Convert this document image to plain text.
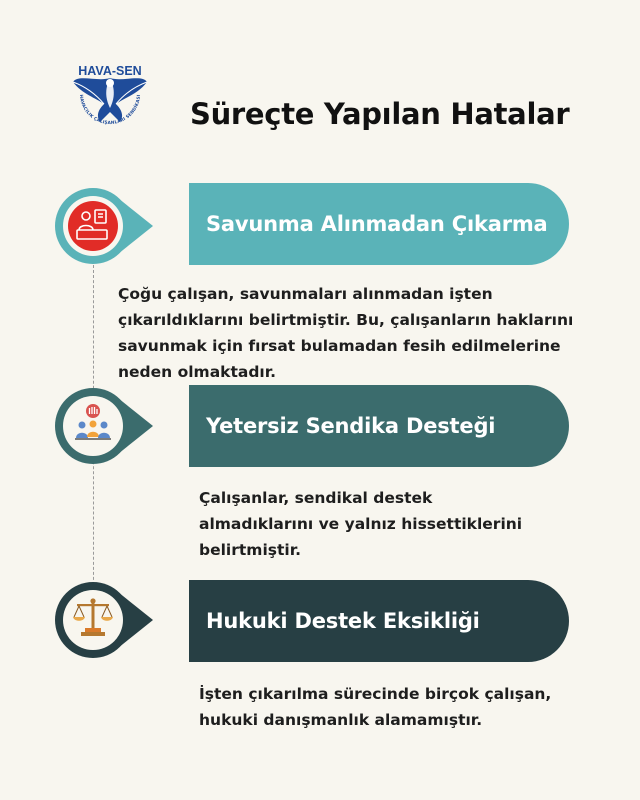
HAVA-SEN
HAVACILIK ÇALIŞANLARI SENDİKASI
Süreçte Yapılan Hatalar
Savunma Alınmadan Çıkarma
Çoğu çalışan, savunmaları alınmadan işten çıkarıldıklarını belirtmiştir. Bu, çalışanların haklarını savunmak için fırsat bulamadan fesih edilmelerine neden olmaktadır.
Yetersiz Sendika Desteği
Çalışanlar, sendikal destek almadıklarını ve yalnız hissettiklerini belirtmiştir.
Hukuki Destek Eksikliği
İşten çıkarılma sürecinde birçok çalışan, hukuki danışmanlık alamamıştır.
